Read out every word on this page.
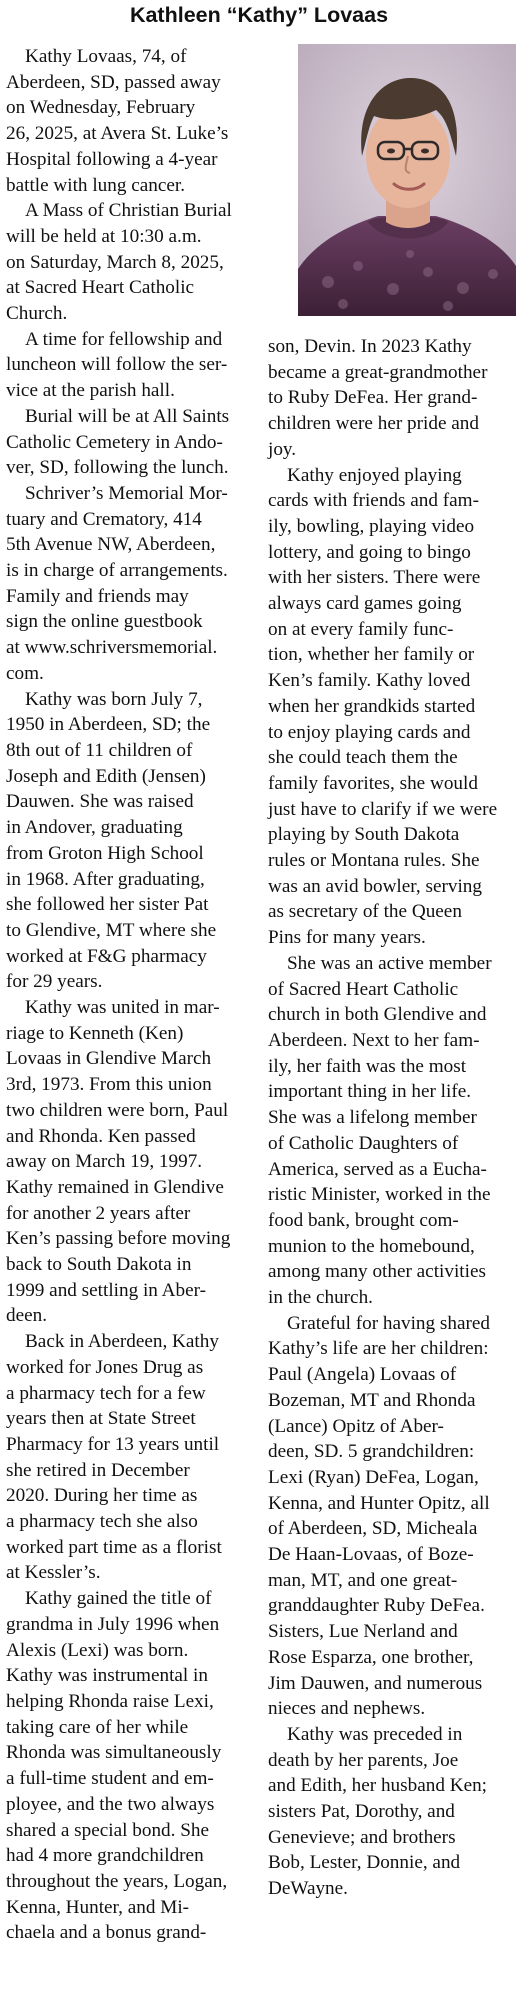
Kathleen “Kathy” Lovaas

Kathy Lovaas, 74, of
Aberdeen, SD, passed away
on Wednesday, February
26, 2025, at Avera St. Luke’s
Hospital following a 4-year
battle with lung cancer.

A Mass of Christian Burial
will be held at 10:30 a.m.
on Saturday, March 8, 2025,
at Sacred Heart Catholic
Church.

A time for fellowship and
luncheon will follow the ser-
vice at the parish hall.

Burial will be at All Saints
Catholic Cemetery in Ando-
ver, SD, following the lunch.

Schriver’s Memorial Mor-
tuary and Crematory, 414
5th Avenue NW, Aberdeen,
is in charge of arrangements.
Family and friends may
sign the online guestbook
at www.schriversmemorial.
com.

Kathy was born July 7,
1950 in Aberdeen, SD; the
8th out of 11 children of
Joseph and Edith (Jensen)
Dauwen. She was raised
in Andover, graduating
from Groton High School
in 1968. After graduating,
she followed her sister Pat
to Glendive, MT where she
worked at F&G pharmacy
for 29 years.

Kathy was united in mar-
riage to Kenneth (Ken)
Lovaas in Glendive March
3rd, 1973. From this union
two children were born, Paul
and Rhonda. Ken passed
away on March 19, 1997.
Kathy remained in Glendive
for another 2 years after
Ken’s passing before moving
back to South Dakota in
1999 and settling in Aber-
deen.

Back in Aberdeen, Kathy
worked for Jones Drug as
a pharmacy tech for a few
years then at State Street
Pharmacy for 13 years until
she retired in December
2020. During her time as
a pharmacy tech she also
worked part time as a florist
at Kessler’s.

Kathy gained the title of
grandma in July 1996 when
Alexis (Lexi) was born.
Kathy was instrumental in
helping Rhonda raise Lexi,
taking care of her while
Rhonda was simultaneously
a full-time student and em-
ployee, and the two always
shared a special bond. She
had 4 more grandchildren
throughout the years, Logan,
Kenna, Hunter, and Mi-
chaela and a bonus grand-

son, Devin. In 2023 Kathy
became a great-grandmother
to Ruby DeFea. Her grand-
children were her pride and
joy.

Kathy enjoyed playing
cards with friends and fam-
ily, bowling, playing video
lottery, and going to bingo
with her sisters. There were
always card games going
on at every family func-
tion, whether her family or
Ken’s family. Kathy loved
when her grandkids started
to enjoy playing cards and
she could teach them the
family favorites, she would
just have to clarify if we were
playing by South Dakota
rules or Montana rules. She
was an avid bowler, serving
as secretary of the Queen
Pins for many years.

She was an active member
of Sacred Heart Catholic
church in both Glendive and
Aberdeen. Next to her fam-
ily, her faith was the most
important thing in her life.
She was a lifelong member
of Catholic Daughters of
America, served as a Eucha-
ristic Minister, worked in the
food bank, brought com-
munion to the homebound,
among many other activities
in the church.

Grateful for having shared
Kathy’s life are her children:
Paul (Angela) Lovaas of
Bozeman, MT and Rhonda
(Lance) Opitz of Aber-
deen, SD. 5 grandchildren:
Lexi (Ryan) DeFea, Logan,
Kenna, and Hunter Opitz, all
of Aberdeen, SD, Micheala
De Haan-Lovaas, of Boze-
man, MT, and one great-
granddaughter Ruby DeFea.
Sisters, Lue Nerland and
Rose Esparza, one brother,
Jim Dauwen, and numerous
nieces and nephews.

Kathy was preceded in
death by her parents, Joe
and Edith, her husband Ken;
sisters Pat, Dorothy, and
Genevieve; and brothers
Bob, Lester, Donnie, and
DeWayne.
